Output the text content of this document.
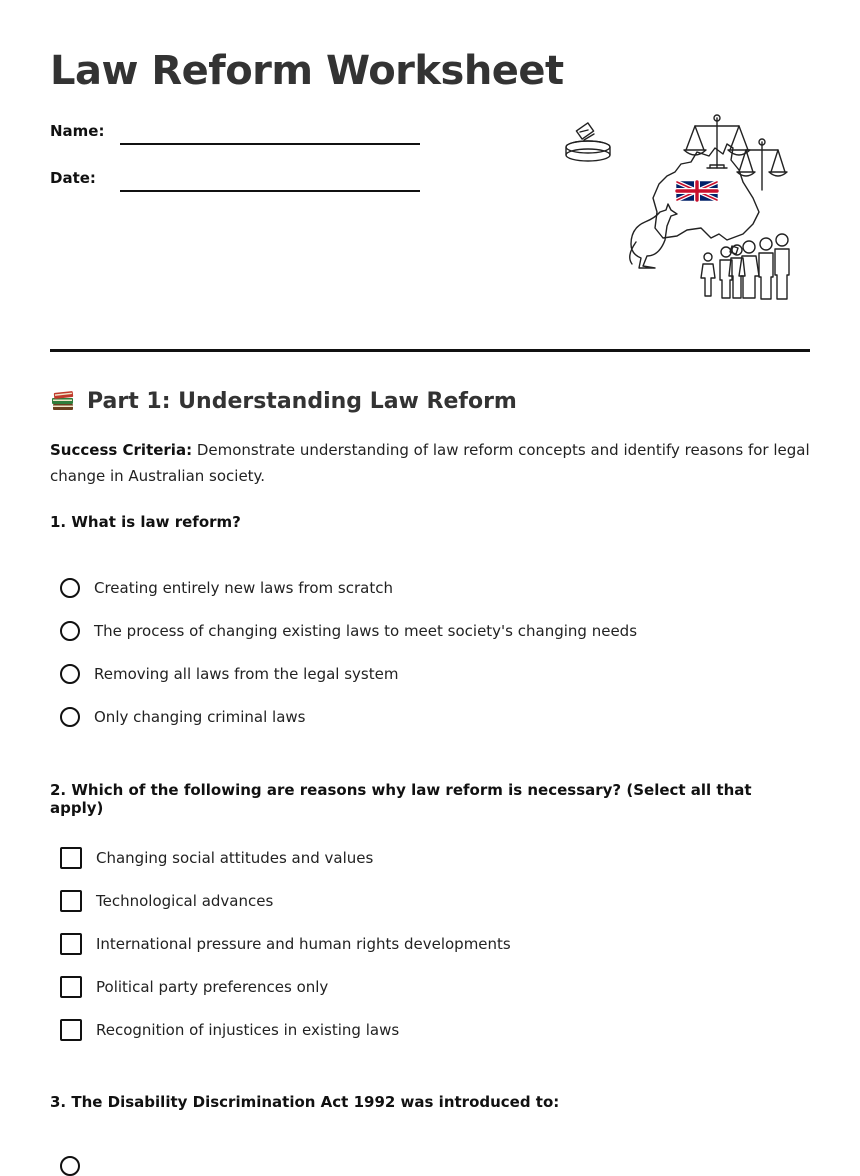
Law Reform Worksheet
Name:
Date:
Part 1: Understanding Law Reform
Success Criteria: Demonstrate understanding of law reform concepts and identify reasons for legal change in Australian society.
1. What is law reform?
Creating entirely new laws from scratch
The process of changing existing laws to meet society's changing needs
Removing all laws from the legal system
Only changing criminal laws
2. Which of the following are reasons why law reform is necessary? (Select all that apply)
Changing social attitudes and values
Technological advances
International pressure and human rights developments
Political party preferences only
Recognition of injustices in existing laws
3. The Disability Discrimination Act 1992 was introduced to:
